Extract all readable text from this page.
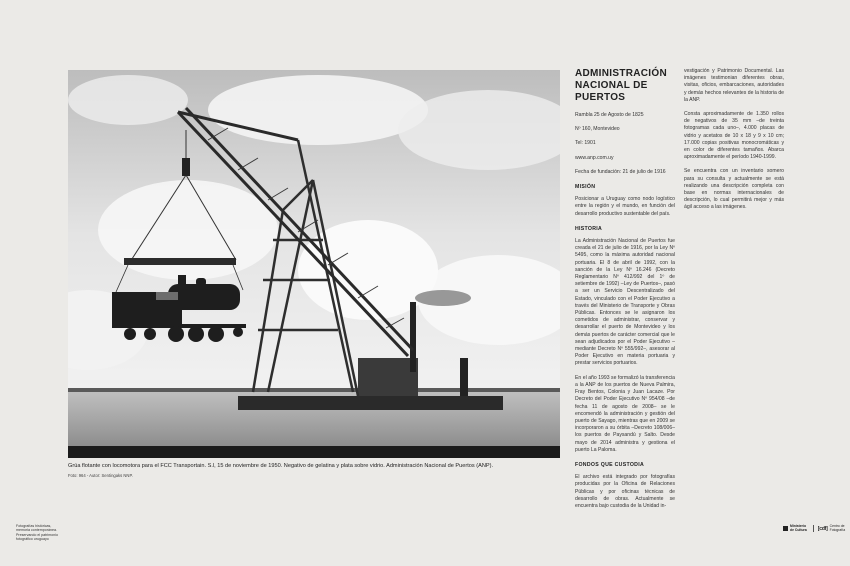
Grúa flotante con locomotora para el FCC Transportain. S.l, 15 de noviembre de 1950. Negativo de gelatina y plata sobre vidrio. Administración Nacional de Puertos (ANP).
Foto: 964 - Autor: Sentingaks NNP.
ADMINISTRACIÓN NACIONAL DE PUERTOS

Rambla 25 de Agosto de 1825

Nº 160, Montevideo

Tel: 1901

www.anp.com.uy

Fecha de fundación: 21 de julio de 1916

MISIÓN

Posicionar a Uruguay como nodo logístico entre la región y el mundo, en función del desarrollo productivo sustentable del país.

HISTORIA

La Administración Nacional de Puertos fue creada el 21 de julio de 1916, por la Ley Nº 5495, como la máxima autoridad nacional portuaria. El 8 de abril de 1992, con la sanción de la Ley Nº 16.246 (Decreto Reglamentario Nº 412/992 del 1º de setiembre de 1992) –Ley de Puertos–, pasó a ser un Servicio Descentralizado del Estado, vinculado con el Poder Ejecutivo a través del Ministerio de Transporte y Obras Públicas. Entonces se le asignaron los cometidos de administrar, conservar y desarrollar el puerto de Montevideo y los demás puertos de carácter comercial que le sean adjudicados por el Poder Ejecutivo –mediante Decreto Nº 555/992–, asesorar al Poder Ejecutivo en materia portuaria y prestar servicios portuarios.

En el año 1993 se formalizó la transferencia a la ANP de los puertos de Nueva Palmira, Fray Bentos, Colonia y Juan Lacaze. Por Decreto del Poder Ejecutivo Nº 954/08 –de fecha 11 de agosto de 2008– se le encomendó la administración y gestión del puerto de Sayago, mientras que en 2009 se incorporaron a su órbita –Decreto 108/006– los puertos de Paysandú y Salto. Desde mayo de 2014 administra y gestiona el puerto La Paloma.

FONDOS QUE CUSTODIA

El archivo está integrado por fotografías producidas por la Oficina de Relaciones Públicas y por oficinas técnicas de desarrollo de obras. Actualmente se encuentra bajo custodia de la Unidad in-

vestigación y Patrimonio Documental. Las imágenes testimonian diferentes obras, visitas, oficios, embarcaciones, autoridades y demás hechos relevantes de la historia de la ANP.

Consta aproximadamente de 1.350 rollos de negativos de 35 mm –de treinta fotogramas cada uno–, 4.000 placas de vidrio y acetatos de 10 x 18 y 9 x 10 cm; 17.000 copias positivas monocromáticas y en color de diferentes tamaños. Abarca aproximadamente el período 1940-1999.

Se encuentra con un inventario somero para su consulta y actualmente se está realizando una descripción completa con base en normas internacionales de descripción, lo cual permitirá mejor y más ágil acceso a las imágenes.

Fotografías históricas,
memoria contemporánea.
Preservando el patrimonio
fotográfico uruguayo
Ministerio
de Cultura [cdf] Centro de
Fotografía
